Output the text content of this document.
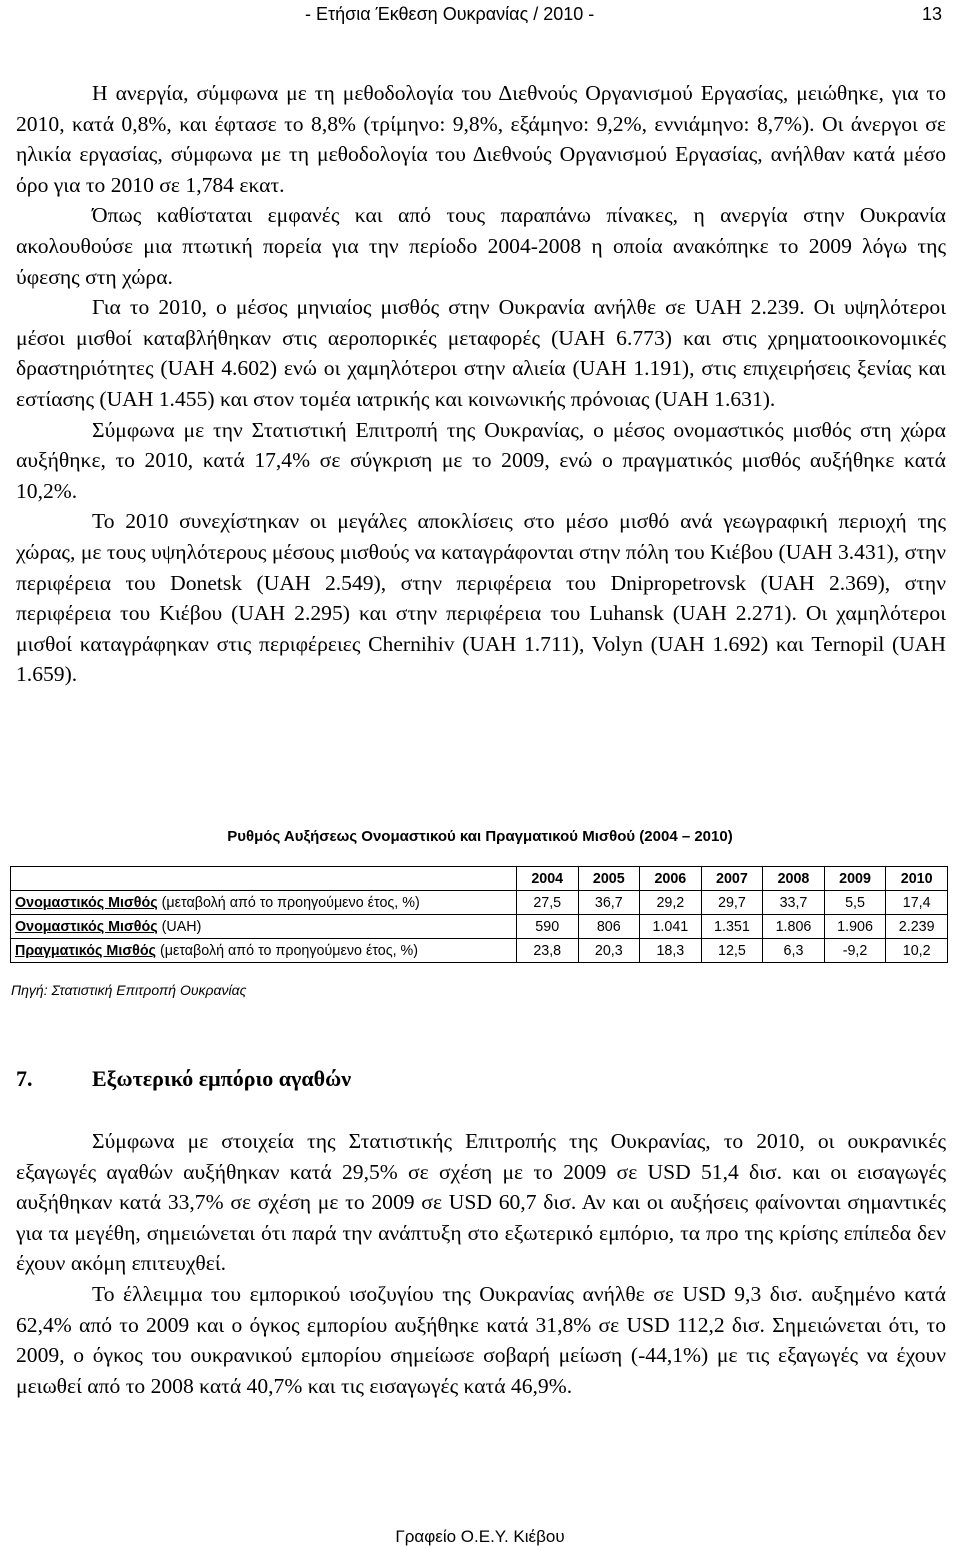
- Ετήσια Έκθεση Ουκρανίας / 2010 -	13

Η ανεργία, σύμφωνα με τη μεθοδολογία του Διεθνούς Οργανισμού Εργασίας, μειώθηκε, για το 2010, κατά 0,8%, και έφτασε το 8,8% (τρίμηνο: 9,8%, εξάμηνο: 9,2%, εννιάμηνο: 8,7%). Οι άνεργοι σε ηλικία εργασίας, σύμφωνα με τη μεθοδολογία του Διεθνούς Οργανισμού Εργασίας, ανήλθαν κατά μέσο όρο για το 2010 σε 1,784 εκατ.

Όπως καθίσταται εμφανές και από τους παραπάνω πίνακες, η ανεργία στην Ουκρανία ακολουθούσε μια πτωτική πορεία για την περίοδο 2004-2008 η οποία ανακόπηκε το 2009 λόγω της ύφεσης στη χώρα.

Για το 2010, ο μέσος μηνιαίος μισθός στην Ουκρανία ανήλθε σε UAH 2.239. Οι υψηλότεροι μέσοι μισθοί καταβλήθηκαν στις αεροπορικές μεταφορές (UAH 6.773) και στις χρηματοοικονομικές δραστηριότητες (UAH 4.602) ενώ οι χαμηλότεροι στην αλιεία (UAH 1.191), στις επιχειρήσεις ξενίας και εστίασης (UAH 1.455) και στον τομέα ιατρικής και κοινωνικής πρόνοιας (UAH 1.631).

Σύμφωνα με την Στατιστική Επιτροπή της Ουκρανίας, ο μέσος ονομαστικός μισθός στη χώρα αυξήθηκε, το 2010, κατά 17,4% σε σύγκριση με το 2009, ενώ ο πραγματικός μισθός αυξήθηκε κατά 10,2%.

Το 2010 συνεχίστηκαν οι μεγάλες αποκλίσεις στο μέσο μισθό ανά γεωγραφική περιοχή της χώρας, με τους υψηλότερους μέσους μισθούς να καταγράφονται στην πόλη του Κιέβου (UAH 3.431), στην περιφέρεια του Donetsk (UAH 2.549), στην περιφέρεια του Dnipropetrovsk (UAH 2.369), στην περιφέρεια του Κιέβου (UAH 2.295) και στην περιφέρεια του Luhansk (UAH 2.271). Οι χαμηλότεροι μισθοί καταγράφηκαν στις περιφέρειες Chernihiv (UAH 1.711), Volyn (UAH 1.692) και Ternopil (UAH 1.659).

Ρυθμός Αυξήσεως Ονομαστικού και Πραγματικού Μισθού (2004 – 2010)
	2004	2005	2006	2007	2008	2009	2010
Ονομαστικός Μισθός (μεταβολή από το προηγούμενο έτος, %)	27,5	36,7	29,2	29,7	33,7	5,5	17,4
Ονομαστικός Μισθός (UAH)	590	806	1.041	1.351	1.806	1.906	2.239
Πραγματικός Μισθός (μεταβολή από το προηγούμενο έτος, %)	23,8	20,3	18,3	12,5	6,3	-9,2	10,2
Πηγή: Στατιστική Επιτροπή Ουκρανίας
7.	Εξωτερικό εμπόριο αγαθών

Σύμφωνα με στοιχεία της Στατιστικής Επιτροπής της Ουκρανίας, το 2010, οι ουκρανικές εξαγωγές αγαθών αυξήθηκαν κατά 29,5% σε σχέση με το 2009 σε USD 51,4 δισ. και οι εισαγωγές αυξήθηκαν κατά 33,7% σε σχέση με το 2009 σε USD 60,7 δισ. Αν και οι αυξήσεις φαίνονται σημαντικές για τα μεγέθη, σημειώνεται ότι παρά την ανάπτυξη στο εξωτερικό εμπόριο, τα προ της κρίσης επίπεδα δεν έχουν ακόμη επιτευχθεί.

Το έλλειμμα του εμπορικού ισοζυγίου της Ουκρανίας ανήλθε σε USD 9,3 δισ. αυξημένο κατά 62,4% από το 2009 και ο όγκος εμπορίου αυξήθηκε κατά 31,8% σε USD 112,2 δισ. Σημειώνεται ότι, το 2009, ο όγκος του ουκρανικού εμπορίου σημείωσε σοβαρή μείωση (-44,1%) με τις εξαγωγές να έχουν μειωθεί από το 2008 κατά 40,7% και τις εισαγωγές κατά 46,9%.

Γραφείο Ο.Ε.Υ. Κιέβου
